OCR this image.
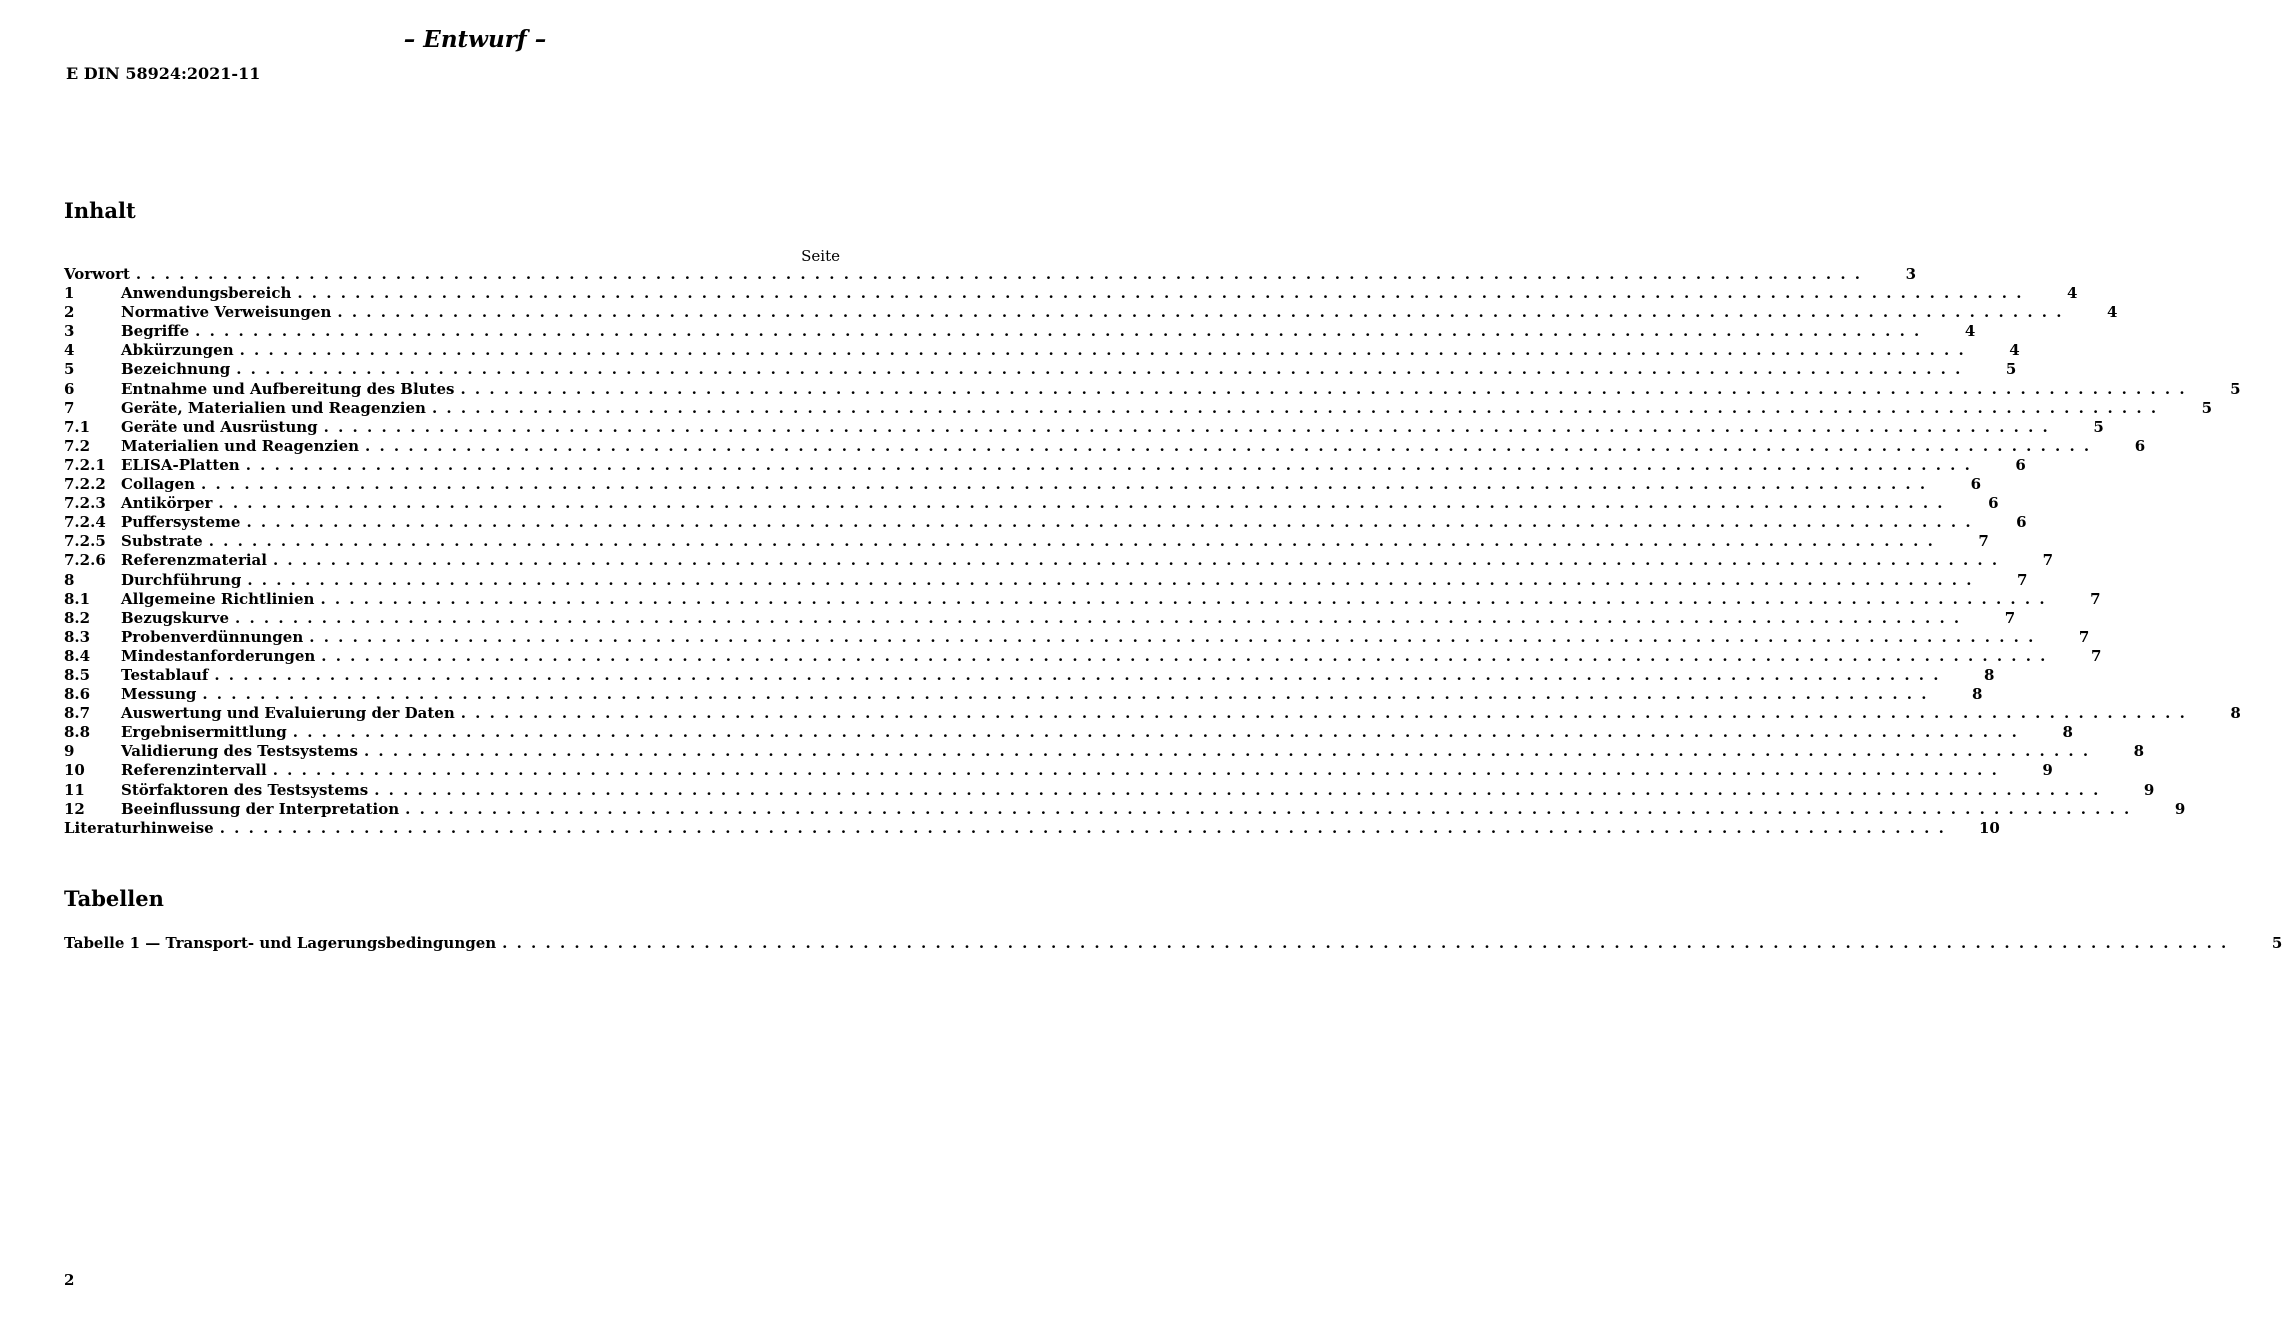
– Entwurf –
E DIN 58924:2021-11
Inhalt
Seite
Vorwort . . . . . . . . . . . . . . . . . . . . . . . . . . . . . . . . . . . . . . . . . . . . . . . . . . . . . . . . . . . . . . . . . . . . . . . . . . . . . . . . . . . . . . . . . . . . . . . . . . . . . . . . . . . . . . . . . . . . . . . .	3
1	Anwendungsbereich . . . . . . . . . . . . . . . . . . . . . . . . . . . . . . . . . . . . . . . . . . . . . . . . . . . . . . . . . . . . . . . . . . . . . . . . . . . . . . . . . . . . . . . . . . . . . . . . . . . . . . . . . . . . . . . . . . . . . . . .	4
2	Normative Verweisungen . . . . . . . . . . . . . . . . . . . . . . . . . . . . . . . . . . . . . . . . . . . . . . . . . . . . . . . . . . . . . . . . . . . . . . . . . . . . . . . . . . . . . . . . . . . . . . . . . . . . . . . . . . . . . . . . . . . . . . . .	4
3	Begriffe . . . . . . . . . . . . . . . . . . . . . . . . . . . . . . . . . . . . . . . . . . . . . . . . . . . . . . . . . . . . . . . . . . . . . . . . . . . . . . . . . . . . . . . . . . . . . . . . . . . . . . . . . . . . . . . . . . . . . . . .	4
4	Abkürzungen . . . . . . . . . . . . . . . . . . . . . . . . . . . . . . . . . . . . . . . . . . . . . . . . . . . . . . . . . . . . . . . . . . . . . . . . . . . . . . . . . . . . . . . . . . . . . . . . . . . . . . . . . . . . . . . . . . . . . . . .	4
5	Bezeichnung . . . . . . . . . . . . . . . . . . . . . . . . . . . . . . . . . . . . . . . . . . . . . . . . . . . . . . . . . . . . . . . . . . . . . . . . . . . . . . . . . . . . . . . . . . . . . . . . . . . . . . . . . . . . . . . . . . . . . . . .	5
6	Entnahme und Aufbereitung des Blutes . . . . . . . . . . . . . . . . . . . . . . . . . . . . . . . . . . . . . . . . . . . . . . . . . . . . . . . . . . . . . . . . . . . . . . . . . . . . . . . . . . . . . . . . . . . . . . . . . . . . . . . . . . . . . . . . . . . . . . . .	5
7	Geräte, Materialien und Reagenzien . . . . . . . . . . . . . . . . . . . . . . . . . . . . . . . . . . . . . . . . . . . . . . . . . . . . . . . . . . . . . . . . . . . . . . . . . . . . . . . . . . . . . . . . . . . . . . . . . . . . . . . . . . . . . . . . . . . . . . . .	5
7.1	Geräte und Ausrüstung . . . . . . . . . . . . . . . . . . . . . . . . . . . . . . . . . . . . . . . . . . . . . . . . . . . . . . . . . . . . . . . . . . . . . . . . . . . . . . . . . . . . . . . . . . . . . . . . . . . . . . . . . . . . . . . . . . . . . . . .	5
7.2	Materialien und Reagenzien . . . . . . . . . . . . . . . . . . . . . . . . . . . . . . . . . . . . . . . . . . . . . . . . . . . . . . . . . . . . . . . . . . . . . . . . . . . . . . . . . . . . . . . . . . . . . . . . . . . . . . . . . . . . . . . . . . . . . . . .	6
7.2.1	ELISA-Platten . . . . . . . . . . . . . . . . . . . . . . . . . . . . . . . . . . . . . . . . . . . . . . . . . . . . . . . . . . . . . . . . . . . . . . . . . . . . . . . . . . . . . . . . . . . . . . . . . . . . . . . . . . . . . . . . . . . . . . . .	6
7.2.2	Collagen . . . . . . . . . . . . . . . . . . . . . . . . . . . . . . . . . . . . . . . . . . . . . . . . . . . . . . . . . . . . . . . . . . . . . . . . . . . . . . . . . . . . . . . . . . . . . . . . . . . . . . . . . . . . . . . . . . . . . . . .	6
7.2.3	Antikörper . . . . . . . . . . . . . . . . . . . . . . . . . . . . . . . . . . . . . . . . . . . . . . . . . . . . . . . . . . . . . . . . . . . . . . . . . . . . . . . . . . . . . . . . . . . . . . . . . . . . . . . . . . . . . . . . . . . . . . . .	6
7.2.4	Puffersysteme . . . . . . . . . . . . . . . . . . . . . . . . . . . . . . . . . . . . . . . . . . . . . . . . . . . . . . . . . . . . . . . . . . . . . . . . . . . . . . . . . . . . . . . . . . . . . . . . . . . . . . . . . . . . . . . . . . . . . . . .	6
7.2.5	Substrate . . . . . . . . . . . . . . . . . . . . . . . . . . . . . . . . . . . . . . . . . . . . . . . . . . . . . . . . . . . . . . . . . . . . . . . . . . . . . . . . . . . . . . . . . . . . . . . . . . . . . . . . . . . . . . . . . . . . . . . .	7
7.2.6	Referenzmaterial . . . . . . . . . . . . . . . . . . . . . . . . . . . . . . . . . . . . . . . . . . . . . . . . . . . . . . . . . . . . . . . . . . . . . . . . . . . . . . . . . . . . . . . . . . . . . . . . . . . . . . . . . . . . . . . . . . . . . . . .	7
8	Durchführung . . . . . . . . . . . . . . . . . . . . . . . . . . . . . . . . . . . . . . . . . . . . . . . . . . . . . . . . . . . . . . . . . . . . . . . . . . . . . . . . . . . . . . . . . . . . . . . . . . . . . . . . . . . . . . . . . . . . . . . .	7
8.1	Allgemeine Richtlinien . . . . . . . . . . . . . . . . . . . . . . . . . . . . . . . . . . . . . . . . . . . . . . . . . . . . . . . . . . . . . . . . . . . . . . . . . . . . . . . . . . . . . . . . . . . . . . . . . . . . . . . . . . . . . . . . . . . . . . . .	7
8.2	Bezugskurve . . . . . . . . . . . . . . . . . . . . . . . . . . . . . . . . . . . . . . . . . . . . . . . . . . . . . . . . . . . . . . . . . . . . . . . . . . . . . . . . . . . . . . . . . . . . . . . . . . . . . . . . . . . . . . . . . . . . . . . .	7
8.3	Probenverdünnungen . . . . . . . . . . . . . . . . . . . . . . . . . . . . . . . . . . . . . . . . . . . . . . . . . . . . . . . . . . . . . . . . . . . . . . . . . . . . . . . . . . . . . . . . . . . . . . . . . . . . . . . . . . . . . . . . . . . . . . . .	7
8.4	Mindestanforderungen . . . . . . . . . . . . . . . . . . . . . . . . . . . . . . . . . . . . . . . . . . . . . . . . . . . . . . . . . . . . . . . . . . . . . . . . . . . . . . . . . . . . . . . . . . . . . . . . . . . . . . . . . . . . . . . . . . . . . . . .	7
8.5	Testablauf . . . . . . . . . . . . . . . . . . . . . . . . . . . . . . . . . . . . . . . . . . . . . . . . . . . . . . . . . . . . . . . . . . . . . . . . . . . . . . . . . . . . . . . . . . . . . . . . . . . . . . . . . . . . . . . . . . . . . . . .	8
8.6	Messung . . . . . . . . . . . . . . . . . . . . . . . . . . . . . . . . . . . . . . . . . . . . . . . . . . . . . . . . . . . . . . . . . . . . . . . . . . . . . . . . . . . . . . . . . . . . . . . . . . . . . . . . . . . . . . . . . . . . . . . .	8
8.7	Auswertung und Evaluierung der Daten . . . . . . . . . . . . . . . . . . . . . . . . . . . . . . . . . . . . . . . . . . . . . . . . . . . . . . . . . . . . . . . . . . . . . . . . . . . . . . . . . . . . . . . . . . . . . . . . . . . . . . . . . . . . . . . . . . . . . . . .	8
8.8	Ergebnisermittlung . . . . . . . . . . . . . . . . . . . . . . . . . . . . . . . . . . . . . . . . . . . . . . . . . . . . . . . . . . . . . . . . . . . . . . . . . . . . . . . . . . . . . . . . . . . . . . . . . . . . . . . . . . . . . . . . . . . . . . . .	8
9	Validierung des Testsystems . . . . . . . . . . . . . . . . . . . . . . . . . . . . . . . . . . . . . . . . . . . . . . . . . . . . . . . . . . . . . . . . . . . . . . . . . . . . . . . . . . . . . . . . . . . . . . . . . . . . . . . . . . . . . . . . . . . . . . . .	8
10	Referenzintervall . . . . . . . . . . . . . . . . . . . . . . . . . . . . . . . . . . . . . . . . . . . . . . . . . . . . . . . . . . . . . . . . . . . . . . . . . . . . . . . . . . . . . . . . . . . . . . . . . . . . . . . . . . . . . . . . . . . . . . . .	9
11	Störfaktoren des Testsystems . . . . . . . . . . . . . . . . . . . . . . . . . . . . . . . . . . . . . . . . . . . . . . . . . . . . . . . . . . . . . . . . . . . . . . . . . . . . . . . . . . . . . . . . . . . . . . . . . . . . . . . . . . . . . . . . . . . . . . . .	9
12	Beeinflussung der Interpretation . . . . . . . . . . . . . . . . . . . . . . . . . . . . . . . . . . . . . . . . . . . . . . . . . . . . . . . . . . . . . . . . . . . . . . . . . . . . . . . . . . . . . . . . . . . . . . . . . . . . . . . . . . . . . . . . . . . . . . . .	9
Literaturhinweise . . . . . . . . . . . . . . . . . . . . . . . . . . . . . . . . . . . . . . . . . . . . . . . . . . . . . . . . . . . . . . . . . . . . . . . . . . . . . . . . . . . . . . . . . . . . . . . . . . . . . . . . . . . . . . . . . . . . . . . . 10
Tabellen
Tabelle 1 — Transport- und Lagerungsbedingungen . . . . . . . . . . . . . . . . . . . . . . . . . . . . . . . . . . . . . . . . . . . . . . . . . . . . . . . . . . . . . . . . . . . . . . . . . . . . . . . . . . . . . . . . . . . . . . . . . . . . . . . . . . . . . . . . . . . . . . . .	5
2
